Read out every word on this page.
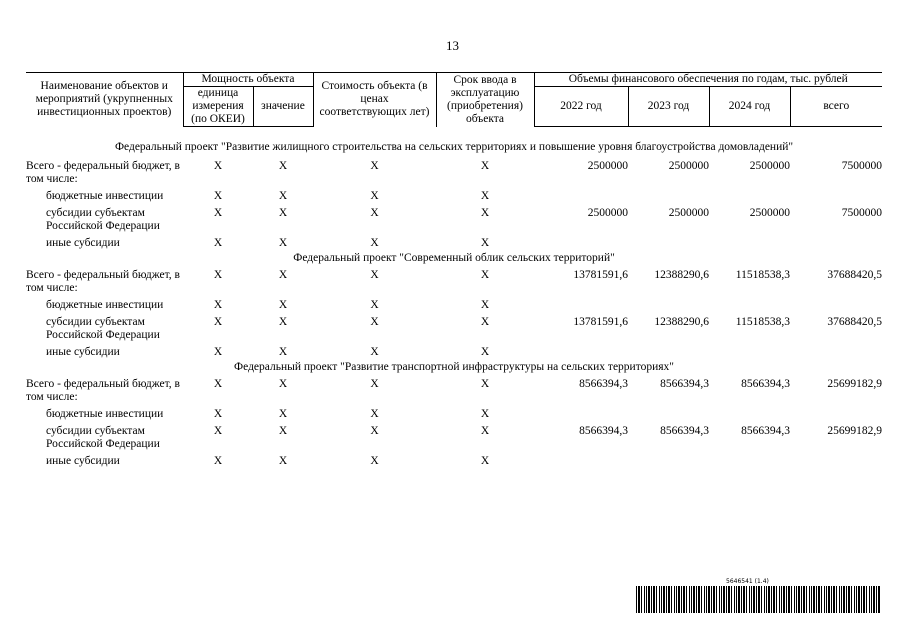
13
Наименование объектов и мероприятий (укрупненных инвестиционных проектов)	Мощность объекта		Стоимость объекта (в ценах соответствующих лет)	Срок ввода в эксплуатацию (приобретения) объекта	Объемы финансового обеспечения по годам, тыс. рублей			
	единица измерения (по ОКЕИ)	значение			2022 год	2023 год	2024 год	всего

Федеральный проект "Развитие жилищного строительства на сельских территориях и повышение уровня благоустройства домовладений"								
Всего - федеральный бюджет, в том числе:	Х	Х	Х	Х	2500000	2500000	2500000	7500000
бюджетные инвестиции	Х	Х	Х	Х				
субсидии субъектам Российской Федерации	Х	Х	Х	Х	2500000	2500000	2500000	7500000
иные субсидии	Х	Х	Х	Х				
Федеральный проект "Современный облик сельских территорий"								
Всего - федеральный бюджет, в том числе:	Х	Х	Х	Х	13781591,6	12388290,6	11518538,3	37688420,5
бюджетные инвестиции	Х	Х	Х	Х				
субсидии субъектам Российской Федерации	Х	Х	Х	Х	13781591,6	12388290,6	11518538,3	37688420,5
иные субсидии	Х	Х	Х	Х				
Федеральный проект "Развитие транспортной инфраструктуры на сельских территориях"								
Всего - федеральный бюджет, в том числе:	Х	Х	Х	Х	8566394,3	8566394,3	8566394,3	25699182,9
бюджетные инвестиции	Х	Х	Х	Х				
субсидии субъектам Российской Федерации	Х	Х	Х	Х	8566394,3	8566394,3	8566394,3	25699182,9
иные субсидии	Х	Х	Х	Х				
5646541 (1.4)
